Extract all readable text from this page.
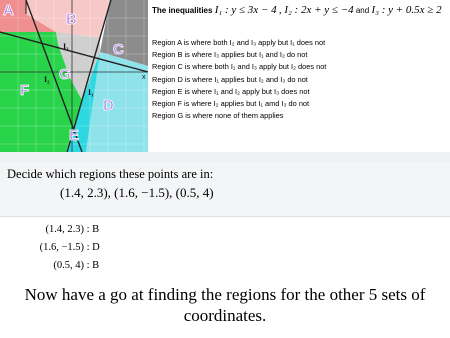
A
B
C
D
E
F
G
I₃
I₂
I₁
x
The inequalities I₁ : y ≤ 3x − 4 , I₂ : 2x + y ≤ −4 and I₃ : y + 0.5x ≥ 2
Region A is where both I₂ and I₃ apply but I₁ does not
Region B is where I₃ applies but I₁ and I₂ do not
Region C is where both I₁ and I₃ apply but I₂ does not
Region D is where I₁ applies but I₂ and I₃ do not
Region E is where I₁ and I₂ apply but I₃ does not
Region F is where I₂ applies but I₁ amd I₃ do not
Region G is where none of them applies
Decide which regions these points are in:
(1.4, 2.3), (1.6, −1.5), (0.5, 4)
(1.4, 2.3) : B
(1.6, −1.5) : D
(0.5, 4) : B
Now have a go at finding the regions for the other 5 sets of coordinates.
